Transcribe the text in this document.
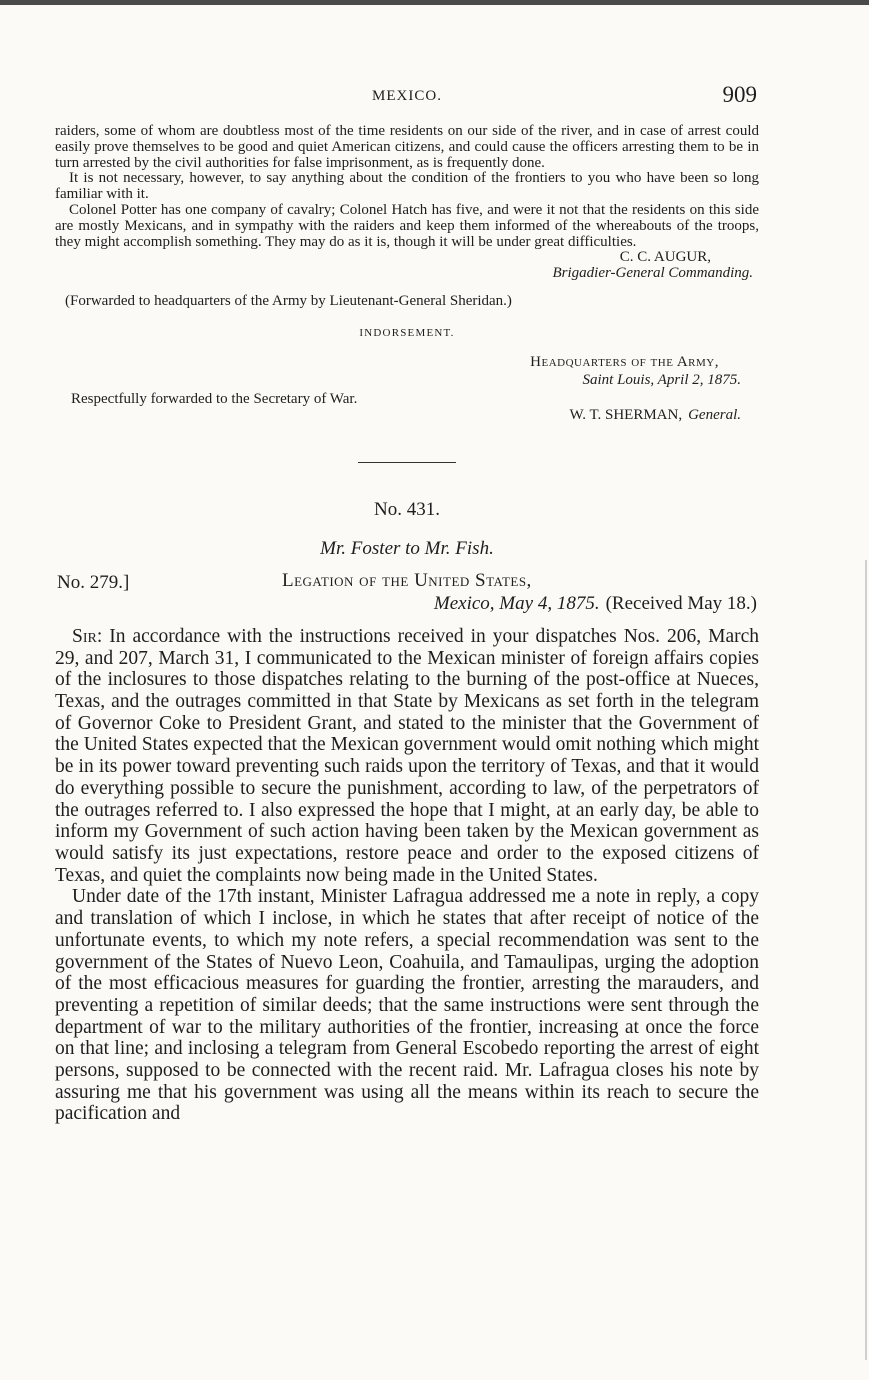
MEXICO.	909

raiders, some of whom are doubtless most of the time residents on our side of the river, and in case of arrest could easily prove themselves to be good and quiet American citizens, and could cause the officers arresting them to be in turn arrested by the civil authorities for false imprisonment, as is frequently done.

It is not necessary, however, to say anything about the condition of the frontiers to you who have been so long familiar with it.

Colonel Potter has one company of cavalry; Colonel Hatch has five, and were it not that the residents on this side are mostly Mexicans, and in sympathy with the raiders and keep them informed of the whereabouts of the troops, they might accomplish something. They may do as it is, though it will be under great difficulties.

C. C. AUGUR,
Brigadier-General Commanding.
(Forwarded to headquarters of the Army by Lieutenant-General Sheridan.)
INDORSEMENT.
Headquarters of the Army,
Saint Louis, April 2, 1875.
Respectfully forwarded to the Secretary of War.
W. T. SHERMAN, General.
No. 431.
Mr. Foster to Mr. Fish.
No. 279.]	Legation of the United States,
Mexico, May 4, 1875. (Received May 18.)

Sir: In accordance with the instructions received in your dispatches Nos. 206, March 29, and 207, March 31, I communicated to the Mexican minister of foreign affairs copies of the inclosures to those dispatches relating to the burning of the post-office at Nueces, Texas, and the outrages committed in that State by Mexicans as set forth in the telegram of Governor Coke to President Grant, and stated to the minister that the Government of the United States expected that the Mexican government would omit nothing which might be in its power toward preventing such raids upon the territory of Texas, and that it would do everything possible to secure the punishment, according to law, of the perpetrators of the outrages referred to. I also expressed the hope that I might, at an early day, be able to inform my Government of such action having been taken by the Mexican government as would satisfy its just expectations, restore peace and order to the exposed citizens of Texas, and quiet the complaints now being made in the United States.

Under date of the 17th instant, Minister Lafragua addressed me a note in reply, a copy and translation of which I inclose, in which he states that after receipt of notice of the unfortunate events, to which my note refers, a special recommendation was sent to the government of the States of Nuevo Leon, Coahuila, and Tamaulipas, urging the adoption of the most efficacious measures for guarding the frontier, arresting the marauders, and preventing a repetition of similar deeds; that the same instructions were sent through the department of war to the military authorities of the frontier, increasing at once the force on that line; and inclosing a telegram from General Escobedo reporting the arrest of eight persons, supposed to be connected with the recent raid. Mr. Lafragua closes his note by assuring me that his government was using all the means within its reach to secure the pacification and
